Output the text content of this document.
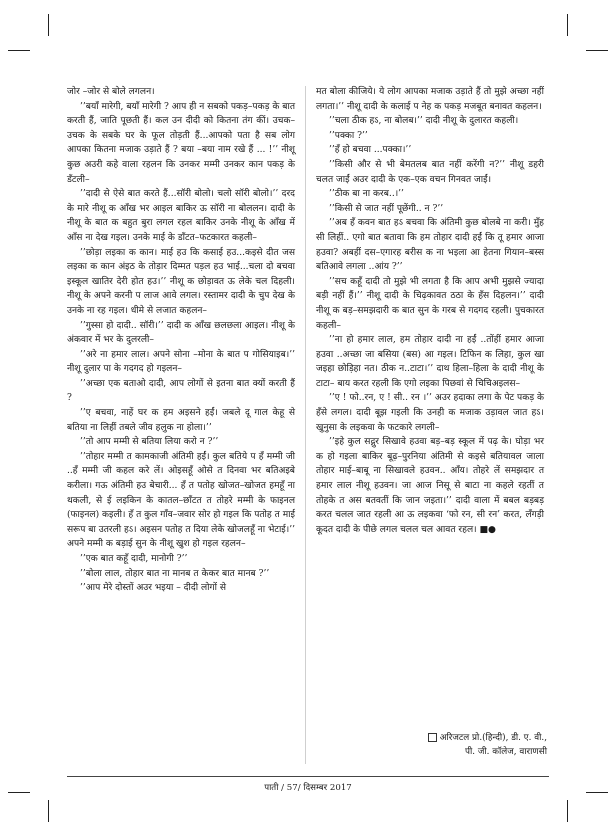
जोर –जोर से बोले लगलन।

’’बयाँ मारेगी, बयाँ मारेगी ? आप ही न सबको पकड़–पकड़ के बात करती हैं, जाति पूछती हैं। कल उन दीदी को कितना तंग कीं। उचक–उचक के सबके घर के फूल तोड़ती हैं...आपको पता है सब लोग आपका कितना मजाक उड़ाते हैं ? बया –बया नाम रखे हैं ... !’’ नीशू कुछ अउरी कहे वाला रहलन कि उनकर मम्मी उनकर कान पकड़ के डँटली–

’’दादी से ऐसे बात करते हैं...सॉरी बोलो। चलो सॉरी बोलो।’’ दरद के मारे नीशू क आँख भर आइल बाकिर ऊ सॉरी ना बोललन। दादी के नीशू के बात क बहुत बुरा लगल रहल बाकिर उनके नीशू के आँख में आँस ना देख गइल। उनके माई के डाँटत–फटकारत कहली–

’’छोड़ा लइका क कान। माई हउ कि कसाई हउ...कइसे दीत जस लइका क कान अंइठ के तोड़ार दिम्मत पड़ल हउ भाई...चला दो बचवा इस्कूल खातिर देरी होत हउ।’’ नीशू क छोड़ावत ऊ लेके चल दिहली। नीशू के अपने करनी प लाज आवे लगल। रस्तामर दादी के चुप देख के उनके ना रह गइल। धीमे से लजात कहलन–

’’गुस्सा हो दादी.. सॉरी।’’ दादी क आँख छलछला आइल। नीशू के अंकवार में भर के दुलरली–

’’अरे ना हमार लाल। अपने सोना –मोना के बात प गोसियाइब।’’ नीशू दुलार पा के गदगद हो गइलन–

’’अच्छा एक बताओ दादी, आप लोगों से इतना बात क्यों करती हैं ?

’’ए बचवा, नाहें घर क हम अइसने हईं। जबले दू गाल केहू से बतिया ना लिहीं तबले जीव हलुक ना होला।’’

’’तो आप मम्मी से बतिया लिया करो न ?’’

’’तोहार मम्मी त कामकाजी अंतिमी हईं। कुल बतिये प हँ मम्मी जी ..हँ मम्मी जी कहल करे लें। ओइसहूँ ओसे त दिनवा भर बतिअइबे करीला। गऊ अंतिमी हउ बेचारी... हँ त पतोह खोजत–खोजत हमहूँ ना थकली, से ई लइकिन के कातल–छाँटत त तोहरे मम्मी के फाइनल (फाइनल) कइली। हँ त कुल गाँव–जवार सोर हो गइल कि पतोह त माई सरूप बा उतरली हऽ। अइसन पतोह त दिया लेके खोजलहूँ ना भेटाई।’’ अपने मम्मी क बड़ाई सुन के नीशू खुश हो गइल रहलन–

’’एक बात कहूँ दादी, मानोगी ?’’

’’बोला लाल, तोहार बात ना मानब त केकर बात मानब ?’’

’’आप मेरे दोस्तों अउर भइया – दीदी लोगों से

मत बोला कीजिये। ये लोग आपका मजाक उड़ाते हैं तो मुझे अच्छा नहीं लगता।’’ नीशू दादी के कलाई प नेह क पकड़ मजबूत बनावत कहलन।

’’चला ठीक हऽ, ना बोलब।’’ दादी नीशू के दुलारत कहली।

’’पक्का ?’’

’’हँ हो बचवा ...पक्का।’’

’’किसी और से भी बेमतलब बात नहीं करेंगी न?’’ नीशू डहरी चलत जाईं अउर दादी के एक–एक वचन गिनवत जाईं।

’’ठीक बा ना करब..।’’

’’किसी से जात नहीं पूछेंगी.. न ?’’

’’अब हँ कवन बात हऽ बचवा कि अंतिमी कुछ बोलबे ना करी। मुँह सी लिहीं.. एगो बात बतावा कि हम तोहार दादी हईं कि तू हमार आजा हउवा? अबहीं दस–एगारह बरीस क ना भइला आ हेतना गियान–बस्स बतिआवे लगला ..आंय ?’’

’’सच कहूँ दादी तो मुझे भी लगता है कि आप अभी मुझसे ज्यादा बड़ी नहीं हैं।’’ नीशू दादी के चिढ़कावत ठठा के हँस दिहलन।’’ दादी नीशू क बड़–समझदारी क बात सुन के गरब से गदगद रहली। पुचकारत कहली–

’’ना हो हमार लाल, हम तोहार दादी ना हईं ..तोंहीं हमार आजा हउवा ..अच्छा जा बसिया (बस) आ गइल। टिफिन क लिहा, कुल खा जइहा छोड़िहा नत। ठीक न..टाटा।’’ दाथ हिला–हिला के दादी नीशू के टाटा– बाय करत रहली कि एगो लइका पिछवां से चिचिअइलस–

’’ए ! फो..रन, ए ! सी.. रन ।’’ अउर हदाका लगा के पेट पकड़ के हँसे लगल। दादी बूझ गइली कि उनही क मजाक उड़ावल जात हऽ। खुनुसा के लइकवा के फटकारे लगली–

’’इहे कुल सद्गुर सिखावे हउवा बड़–बड़ स्कूल में पढ़ के। घोड़ा भर क हो गइला बाकिर बूढ़–पुरनिया अंतिमी से कइसे बतियावल जाला तोहार माई–बाबू ना सिखावले हउवन.. आँय। तोहरे लें समझदार त हमार लाल नीशू हउवन। जा आज निसू से बाटा ना कहले रहतीं त तोहके त अस बतवतीं कि जान जइता।’’ दादी वाला में बबल बड़बड़ करत चलल जात रहली आ ऊ लइकवा ‘फो रन, सी रन’ करत, लँगड़ी कूदत दादी के पीछे लगल चलल चल आवत रहल। ■●

अरिजटल प्रो.(हिन्दी), डी. ए. वी.,
पी. जी. कॉलेज, वाराणसी
पाती / 57/ दिसम्बर 2017
